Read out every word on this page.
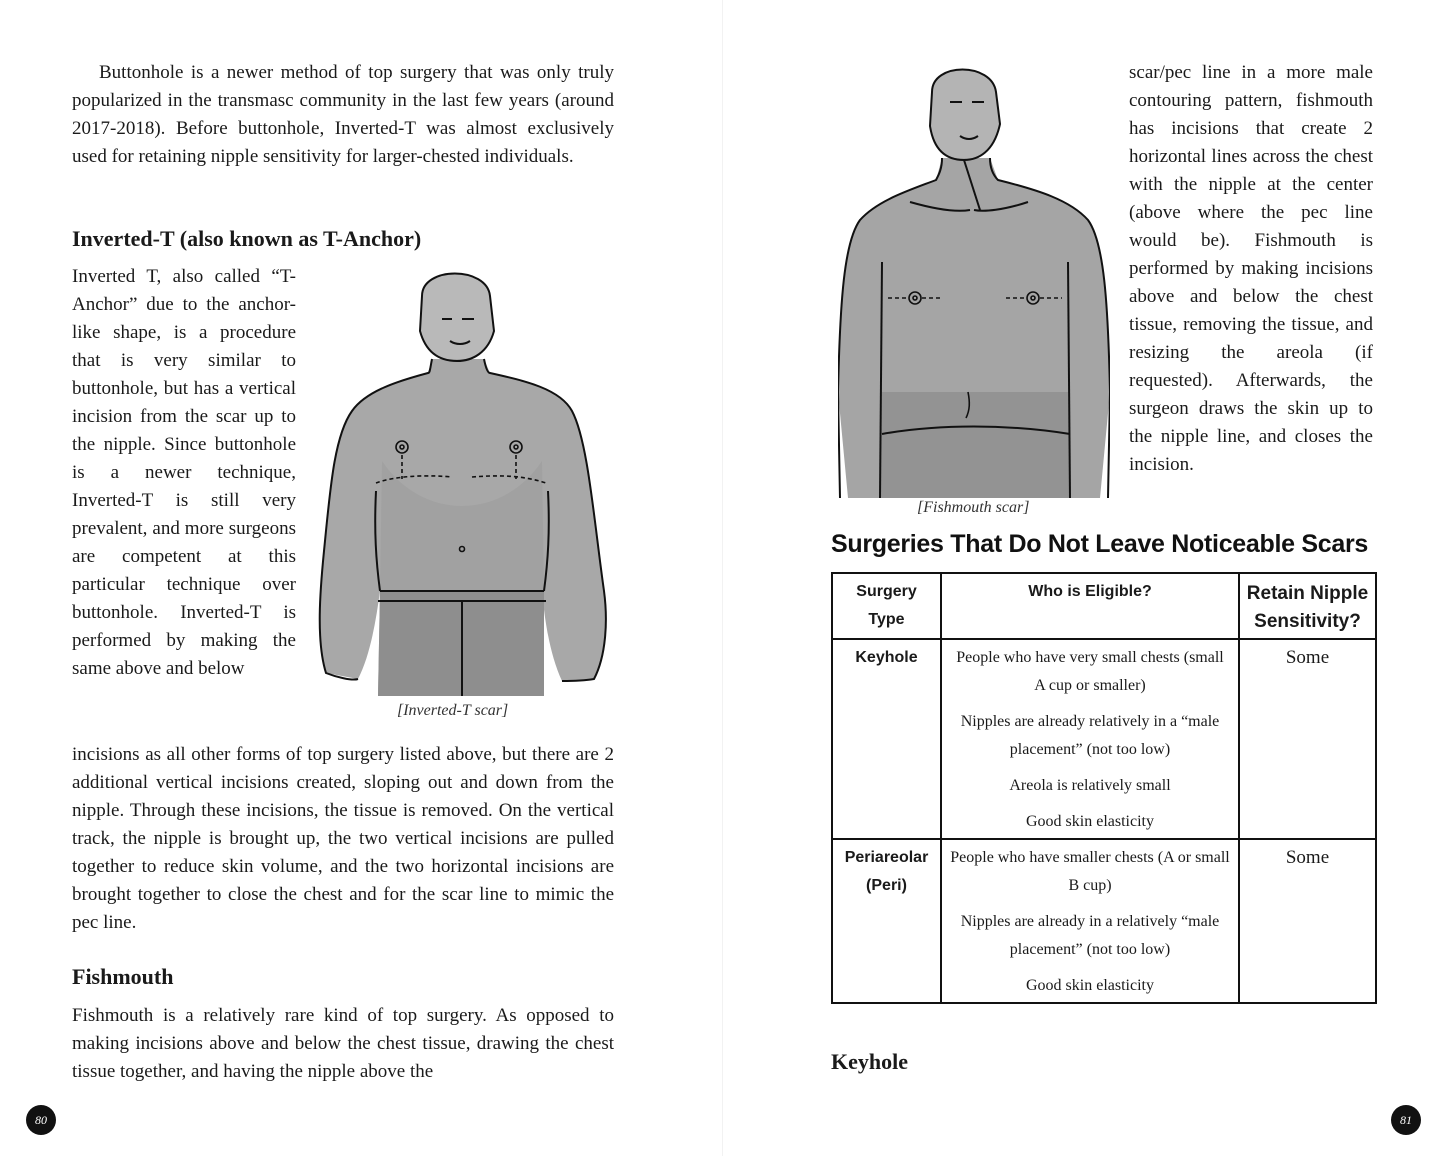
Buttonhole is a newer method of top surgery that was only truly popularized in the transmasc community in the last few years (around 2017-2018). Before buttonhole, Inverted-T was almost exclusively used for retaining nipple sensitivity for larger-chested individuals.

Inverted-T (also known as T-Anchor)

Inverted T, also called “T-Anchor” due to the anchor-like shape, is a procedure that is very similar to buttonhole, but has a vertical incision from the scar up to the nipple. Since buttonhole is a newer technique, Inverted-T is still very prevalent, and more surgeons are competent at this particular technique over buttonhole. Inverted-T is performed by making the same above and below

[Inverted-T scar]

incisions as all other forms of top surgery listed above, but there are 2 additional vertical incisions created, sloping out and down from the nipple. Through these incisions, the tissue is removed. On the vertical track, the nipple is brought up, the two vertical incisions are pulled together to reduce skin volume, and the two horizontal incisions are brought together to close the chest and for the scar line to mimic the pec line.

Fishmouth

Fishmouth is a relatively rare kind of top surgery. As opposed to making incisions above and below the chest tissue, drawing the chest tissue together, and having the nipple above the

80
[Fishmouth scar]

scar/pec line in a more male contouring pattern, fishmouth has incisions that create 2 horizontal lines across the chest with the nipple at the center (above where the pec line would be). Fishmouth is performed by making incisions above and below the chest tissue, removing the tissue, and resizing the areola (if requested). Afterwards, the surgeon draws the skin up to the nipple line, and closes the incision.

Surgeries That Do Not Leave Noticeable Scars
Surgery Type	Who is Eligible?	Retain Nipple Sensitivity?
Keyhole	People who have very small chests (small A cup or smaller)
Nipples are already relatively in a “male placement” (not too low)
Areola is relatively small
Good skin elasticity	Some
Periareolar (Peri)	People who have smaller chests (A or small B cup)
Nipples are already in a relatively “male placement” (not too low)
Good skin elasticity	Some
Keyhole
81
